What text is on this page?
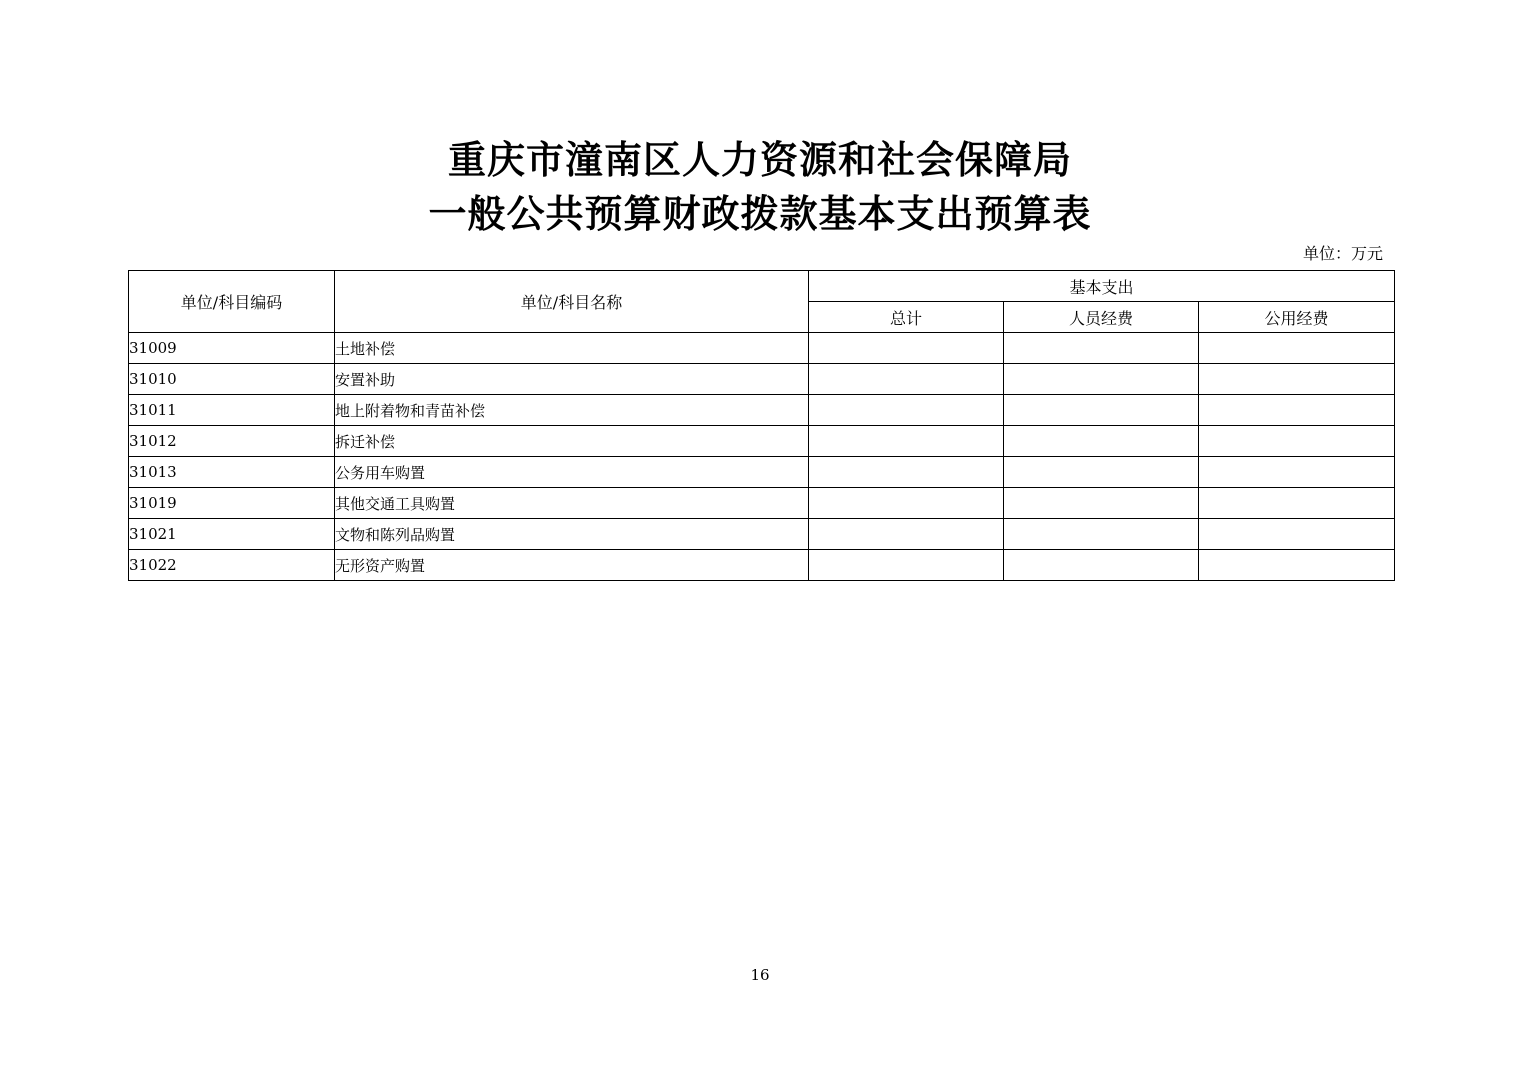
重庆市潼南区人力资源和社会保障局
一般公共预算财政拨款基本支出预算表
单位：万元
单位/科目编码	单位/科目名称	基本支出		
		总计	人员经费	公用经费
31009	土地补偿			
31010	安置补助			
31011	地上附着物和青苗补偿			
31012	拆迁补偿			
31013	公务用车购置			
31019	其他交通工具购置			
31021	文物和陈列品购置			
31022	无形资产购置			
16
